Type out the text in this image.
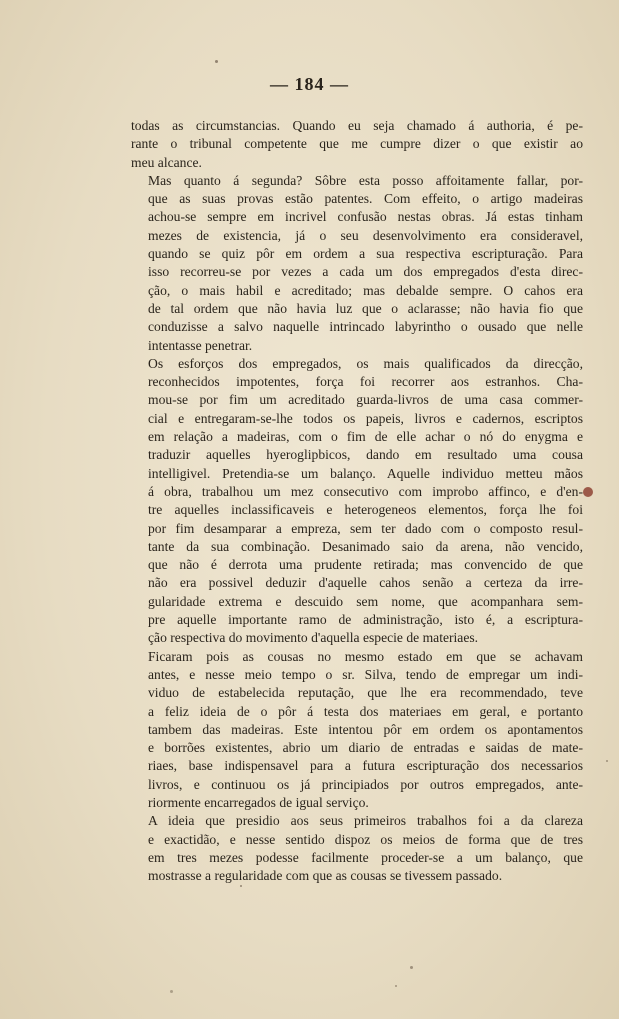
— 184 —

todas as circumstancias. Quando eu seja chamado á authoria, é pe-
rante o tribunal competente que me cumpre dizer o que existir ao
meu alcance.

Mas quanto á segunda? Sôbre esta posso affoitamente fallar, por-
que as suas provas estão patentes. Com effeito, o artigo madeiras
achou-se sempre em incrivel confusão nestas obras. Já estas tinham
mezes de existencia, já o seu desenvolvimento era consideravel,
quando se quiz pôr em ordem a sua respectiva escripturação. Para
isso recorreu-se por vezes a cada um dos empregados d'esta direc-
ção, o mais habil e acreditado; mas debalde sempre. O cahos era
de tal ordem que não havia luz que o aclarasse; não havia fio que
conduzisse a salvo naquelle intrincado labyrintho o ousado que nelle
intentasse penetrar.

Os esforços dos empregados, os mais qualificados da direcção,
reconhecidos impotentes, força foi recorrer aos estranhos. Cha-
mou-se por fim um acreditado guarda-livros de uma casa commer-
cial e entregaram-se-lhe todos os papeis, livros e cadernos, escriptos
em relação a madeiras, com o fim de elle achar o nó do enygma e
traduzir aquelles hyeroglipbicos, dando em resultado uma cousa
intelligivel. Pretendia-se um balanço. Aquelle individuo metteu mãos
á obra, trabalhou um mez consecutivo com improbo affinco, e d'en-
tre aquelles inclassificaveis e heterogeneos elementos, força lhe foi
por fim desamparar a empreza, sem ter dado com o composto resul-
tante da sua combinação. Desanimado saio da arena, não vencido,
que não é derrota uma prudente retirada; mas convencido de que
não era possivel deduzir d'aquelle cahos senão a certeza da irre-
gularidade extrema e descuido sem nome, que acompanhara sem-
pre aquelle importante ramo de administração, isto é, a escriptura-
ção respectiva do movimento d'aquella especie de materiaes.

Ficaram pois as cousas no mesmo estado em que se achavam
antes, e nesse meio tempo o sr. Silva, tendo de empregar um indi-
viduo de estabelecida reputação, que lhe era recommendado, teve
a feliz ideia de o pôr á testa dos materiaes em geral, e portanto
tambem das madeiras. Este intentou pôr em ordem os apontamentos
e borrões existentes, abrio um diario de entradas e saidas de mate-
riaes, base indispensavel para a futura escripturação dos necessarios
livros, e continuou os já principiados por outros empregados, ante-
riormente encarregados de igual serviço.

A ideia que presidio aos seus primeiros trabalhos foi a da clareza
e exactidão, e nesse sentido dispoz os meios de forma que de tres
em tres mezes podesse facilmente proceder-se a um balanço, que
mostrasse a regularidade com que as cousas se tivessem passado.
